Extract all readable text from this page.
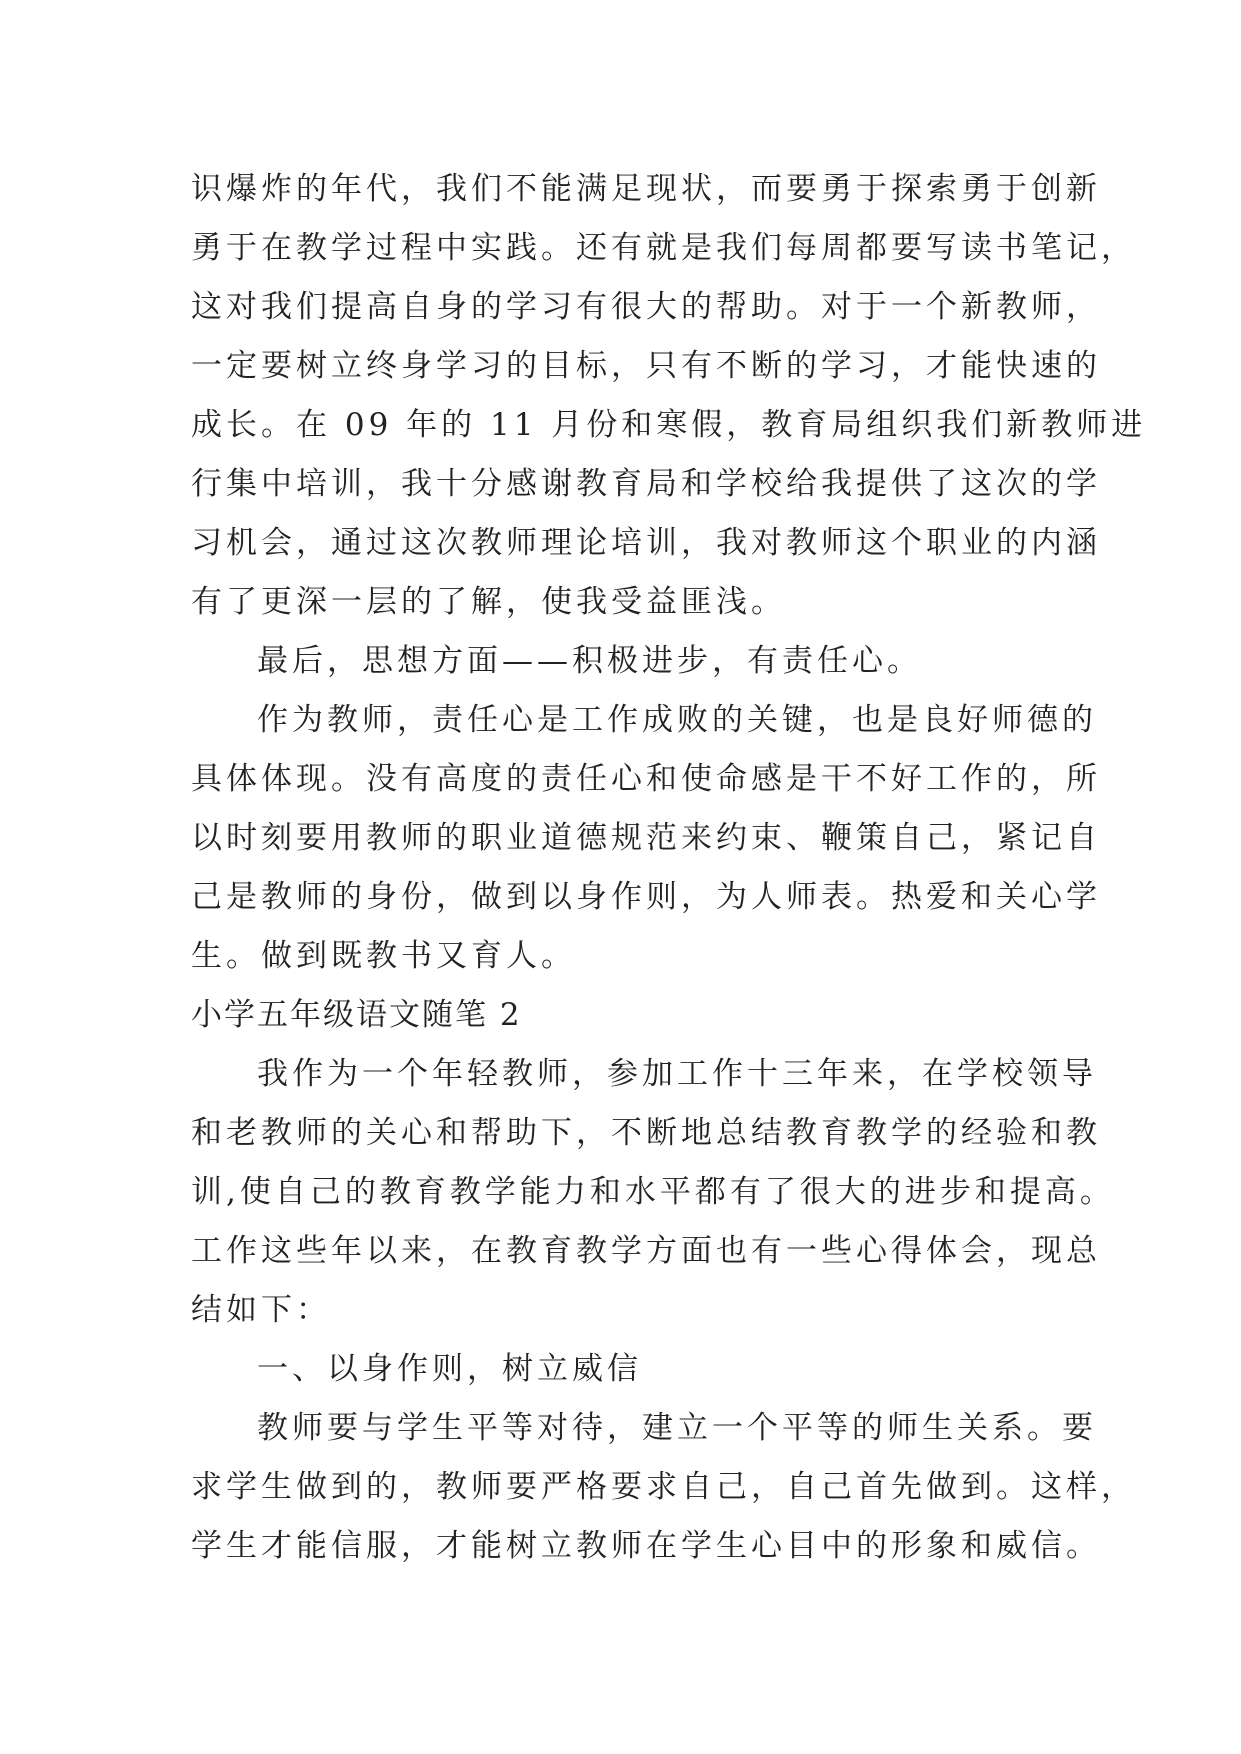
识爆炸的年代，我们不能满足现状，而要勇于探索勇于创新
勇于在教学过程中实践。还有就是我们每周都要写读书笔记，
这对我们提高自身的学习有很大的帮助。对于一个新教师，
一定要树立终身学习的目标，只有不断的学习，才能快速的
成长。在 09 年的 11 月份和寒假，教育局组织我们新教师进
行集中培训，我十分感谢教育局和学校给我提供了这次的学
习机会，通过这次教师理论培训，我对教师这个职业的内涵
有了更深一层的了解，使我受益匪浅。
最后，思想方面——积极进步，有责任心。
作为教师，责任心是工作成败的关键，也是良好师德的
具体体现。没有高度的责任心和使命感是干不好工作的，所
以时刻要用教师的职业道德规范来约束、鞭策自己，紧记自
己是教师的身份，做到以身作则，为人师表。热爱和关心学
生。做到既教书又育人。
小学五年级语文随笔 2
我作为一个年轻教师，参加工作十三年来，在学校领导
和老教师的关心和帮助下，不断地总结教育教学的经验和教
训,使自己的教育教学能力和水平都有了很大的进步和提高。
工作这些年以来，在教育教学方面也有一些心得体会，现总
结如下：
一、以身作则，树立威信
教师要与学生平等对待，建立一个平等的师生关系。要
求学生做到的，教师要严格要求自己，自己首先做到。这样，
学生才能信服，才能树立教师在学生心目中的形象和威信。
